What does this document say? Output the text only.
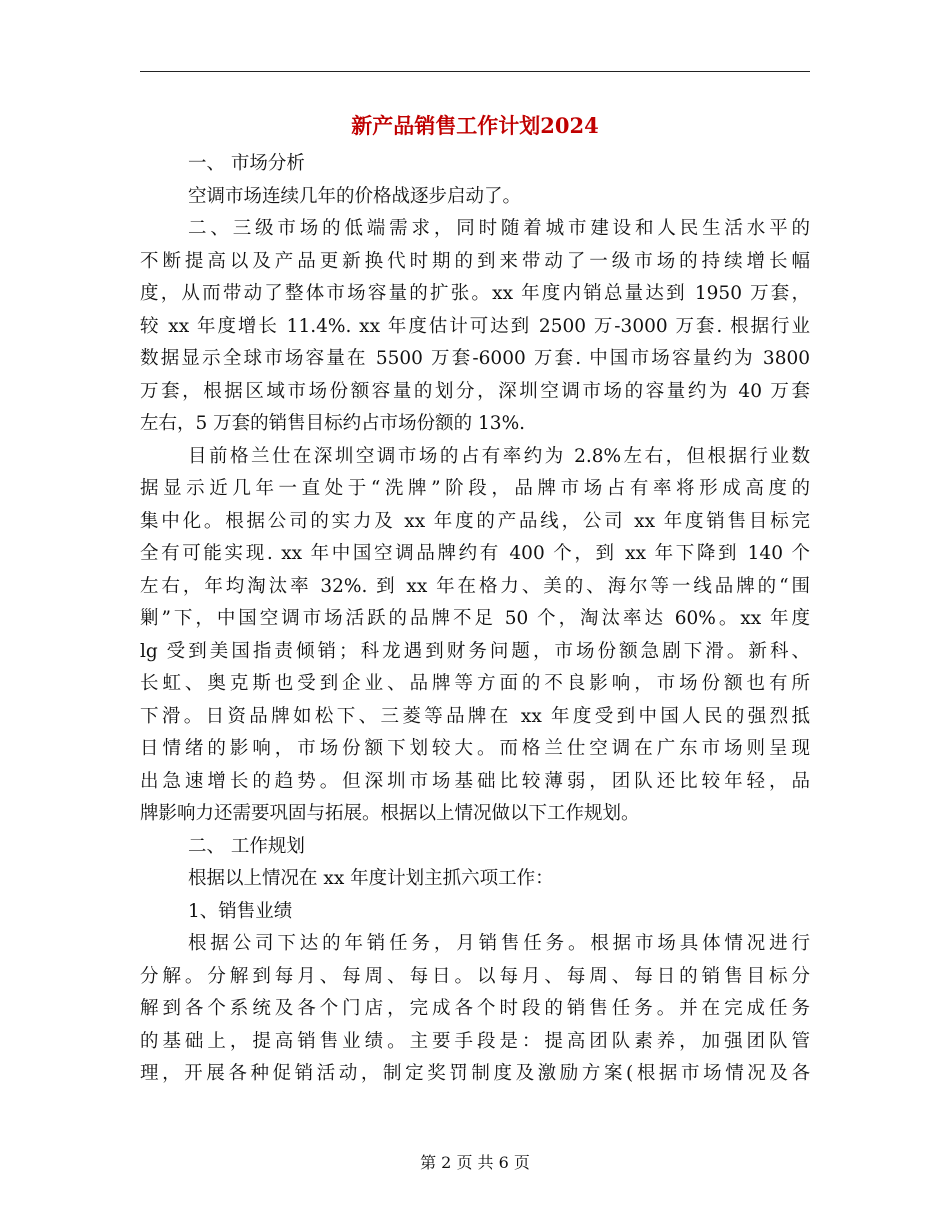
新产品销售工作计划2024
一、 市场分析
空调市场连续几年的价格战逐步启动了。
二、三级市场的低端需求，同时随着城市建设和人民生活水平的
不断提高以及产品更新换代时期的到来带动了一级市场的持续增长幅
度，从而带动了整体市场容量的扩张。xx 年度内销总量达到 1950 万套，
较 xx 年度增长 11.4%. xx 年度估计可达到 2500 万-3000 万套. 根据行业
数据显示全球市场容量在 5500 万套-6000 万套. 中国市场容量约为 3800
万套，根据区域市场份额容量的划分，深圳空调市场的容量约为 40 万套
左右，5 万套的销售目标约占市场份额的 13%.
目前格兰仕在深圳空调市场的占有率约为 2.8%左右，但根据行业数
据显示近几年一直处于“洗牌”阶段，品牌市场占有率将形成高度的
集中化。根据公司的实力及 xx 年度的产品线，公司 xx 年度销售目标完
全有可能实现. xx 年中国空调品牌约有 400 个，到 xx 年下降到 140 个
左右，年均淘汰率 32%. 到 xx 年在格力、美的、海尔等一线品牌的“围
剿”下，中国空调市场活跃的品牌不足 50 个，淘汰率达 60%。xx 年度
lg 受到美国指责倾销；科龙遇到财务问题，市场份额急剧下滑。新科、
长虹、奥克斯也受到企业、品牌等方面的不良影响，市场份额也有所
下滑。日资品牌如松下、三菱等品牌在 xx 年度受到中国人民的强烈抵
日情绪的影响，市场份额下划较大。而格兰仕空调在广东市场则呈现
出急速增长的趋势。但深圳市场基础比较薄弱，团队还比较年轻，品
牌影响力还需要巩固与拓展。根据以上情况做以下工作规划。
二、 工作规划
根据以上情况在 xx 年度计划主抓六项工作：
1、销售业绩
根据公司下达的年销任务，月销售任务。根据市场具体情况进行
分解。分解到每月、每周、每日。以每月、每周、每日的销售目标分
解到各个系统及各个门店，完成各个时段的销售任务。并在完成任务
的基础上，提高销售业绩。主要手段是：提高团队素养，加强团队管
理，开展各种促销活动，制定奖罚制度及激励方案(根据市场情况及各
第 2 页 共 6 页
